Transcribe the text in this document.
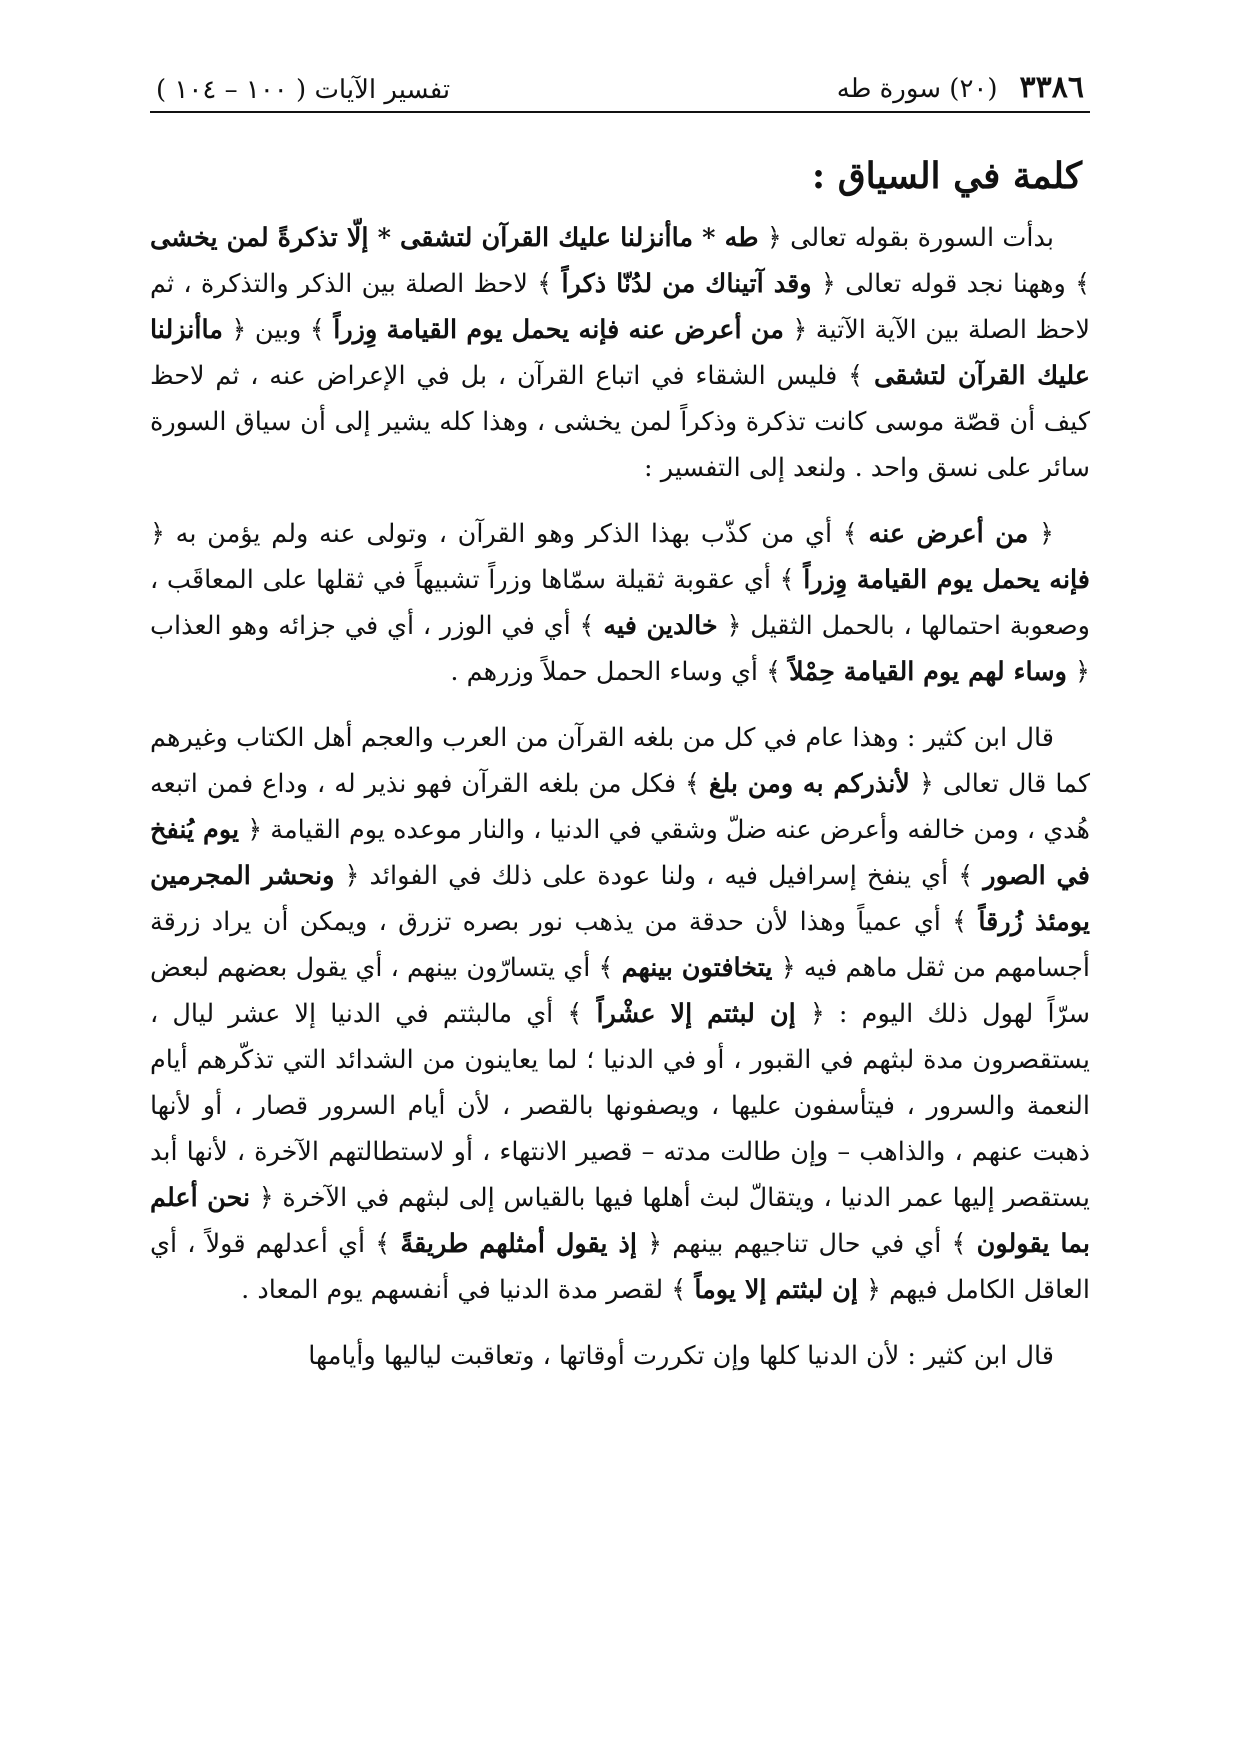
٣٣٨٦
(٢٠) سورة طه
تفسير الآيات ( ١٠٠ – ١٠٤ )
كلمة في السياق :

بدأت السورة بقوله تعالى ﴿ طه * ماأنزلنا عليك القرآن لتشقى * إلّا تذكرةً لمن يخشى ﴾ وههنا نجد قوله تعالى ﴿ وقد آتيناك من لدُنّا ذكراً ﴾ لاحظ الصلة بين الذكر والتذكرة ، ثم لاحظ الصلة بين الآية الآتية ﴿ من أعرض عنه فإنه يحمل يوم القيامة وِزراً ﴾ وبين ﴿ ماأنزلنا عليك القرآن لتشقى ﴾ فليس الشقاء في اتباع القرآن ، بل في الإعراض عنه ، ثم لاحظ كيف أن قصّة موسى كانت تذكرة وذكراً لمن يخشى ، وهذا كله يشير إلى أن سياق السورة سائر على نسق واحد . ولنعد إلى التفسير :

﴿ من أعرض عنه ﴾ أي من كذّب بهذا الذكر وهو القرآن ، وتولى عنه ولم يؤمن به ﴿ فإنه يحمل يوم القيامة وِزراً ﴾ أي عقوبة ثقيلة سمّاها وزراً تشبيهاً في ثقلها على المعاقَب ، وصعوبة احتمالها ، بالحمل الثقيل ﴿ خالدين فيه ﴾ أي في الوزر ، أي في جزائه وهو العذاب ﴿ وساء لهم يوم القيامة حِمْلاً ﴾ أي وساء الحمل حملاً وزرهم .

قال ابن كثير : وهذا عام في كل من بلغه القرآن من العرب والعجم أهل الكتاب وغيرهم كما قال تعالى ﴿ لأنذركم به ومن بلغ ﴾ فكل من بلغه القرآن فهو نذير له ، وداع فمن اتبعه هُدي ، ومن خالفه وأعرض عنه ضلّ وشقي في الدنيا ، والنار موعده يوم القيامة ﴿ يوم يُنفخ في الصور ﴾ أي ينفخ إسرافيل فيه ، ولنا عودة على ذلك في الفوائد ﴿ ونحشر المجرمين يومئذ زُرقاً ﴾ أي عمياً وهذا لأن حدقة من يذهب نور بصره تزرق ، ويمكن أن يراد زرقة أجسامهم من ثقل ماهم فيه ﴿ يتخافتون بينهم ﴾ أي يتسارّون بينهم ، أي يقول بعضهم لبعض سرّاً لهول ذلك اليوم : ﴿ إن لبثتم إلا عشْراً ﴾ أي مالبثتم في الدنيا إلا عشر ليال ، يستقصرون مدة لبثهم في القبور ، أو في الدنيا ؛ لما يعاينون من الشدائد التي تذكّرهم أيام النعمة والسرور ، فيتأسفون عليها ، ويصفونها بالقصر ، لأن أيام السرور قصار ، أو لأنها ذهبت عنهم ، والذاهب – وإن طالت مدته – قصير الانتهاء ، أو لاستطالتهم الآخرة ، لأنها أبد يستقصر إليها عمر الدنيا ، ويتقالّ لبث أهلها فيها بالقياس إلى لبثهم في الآخرة ﴿ نحن أعلم بما يقولون ﴾ أي في حال تناجيهم بينهم ﴿ إذ يقول أمثلهم طريقةً ﴾ أي أعدلهم قولاً ، أي العاقل الكامل فيهم ﴿ إن لبثتم إلا يوماً ﴾ لقصر مدة الدنيا في أنفسهم يوم المعاد .

قال ابن كثير : لأن الدنيا كلها وإن تكررت أوقاتها ، وتعاقبت لياليها وأيامها
